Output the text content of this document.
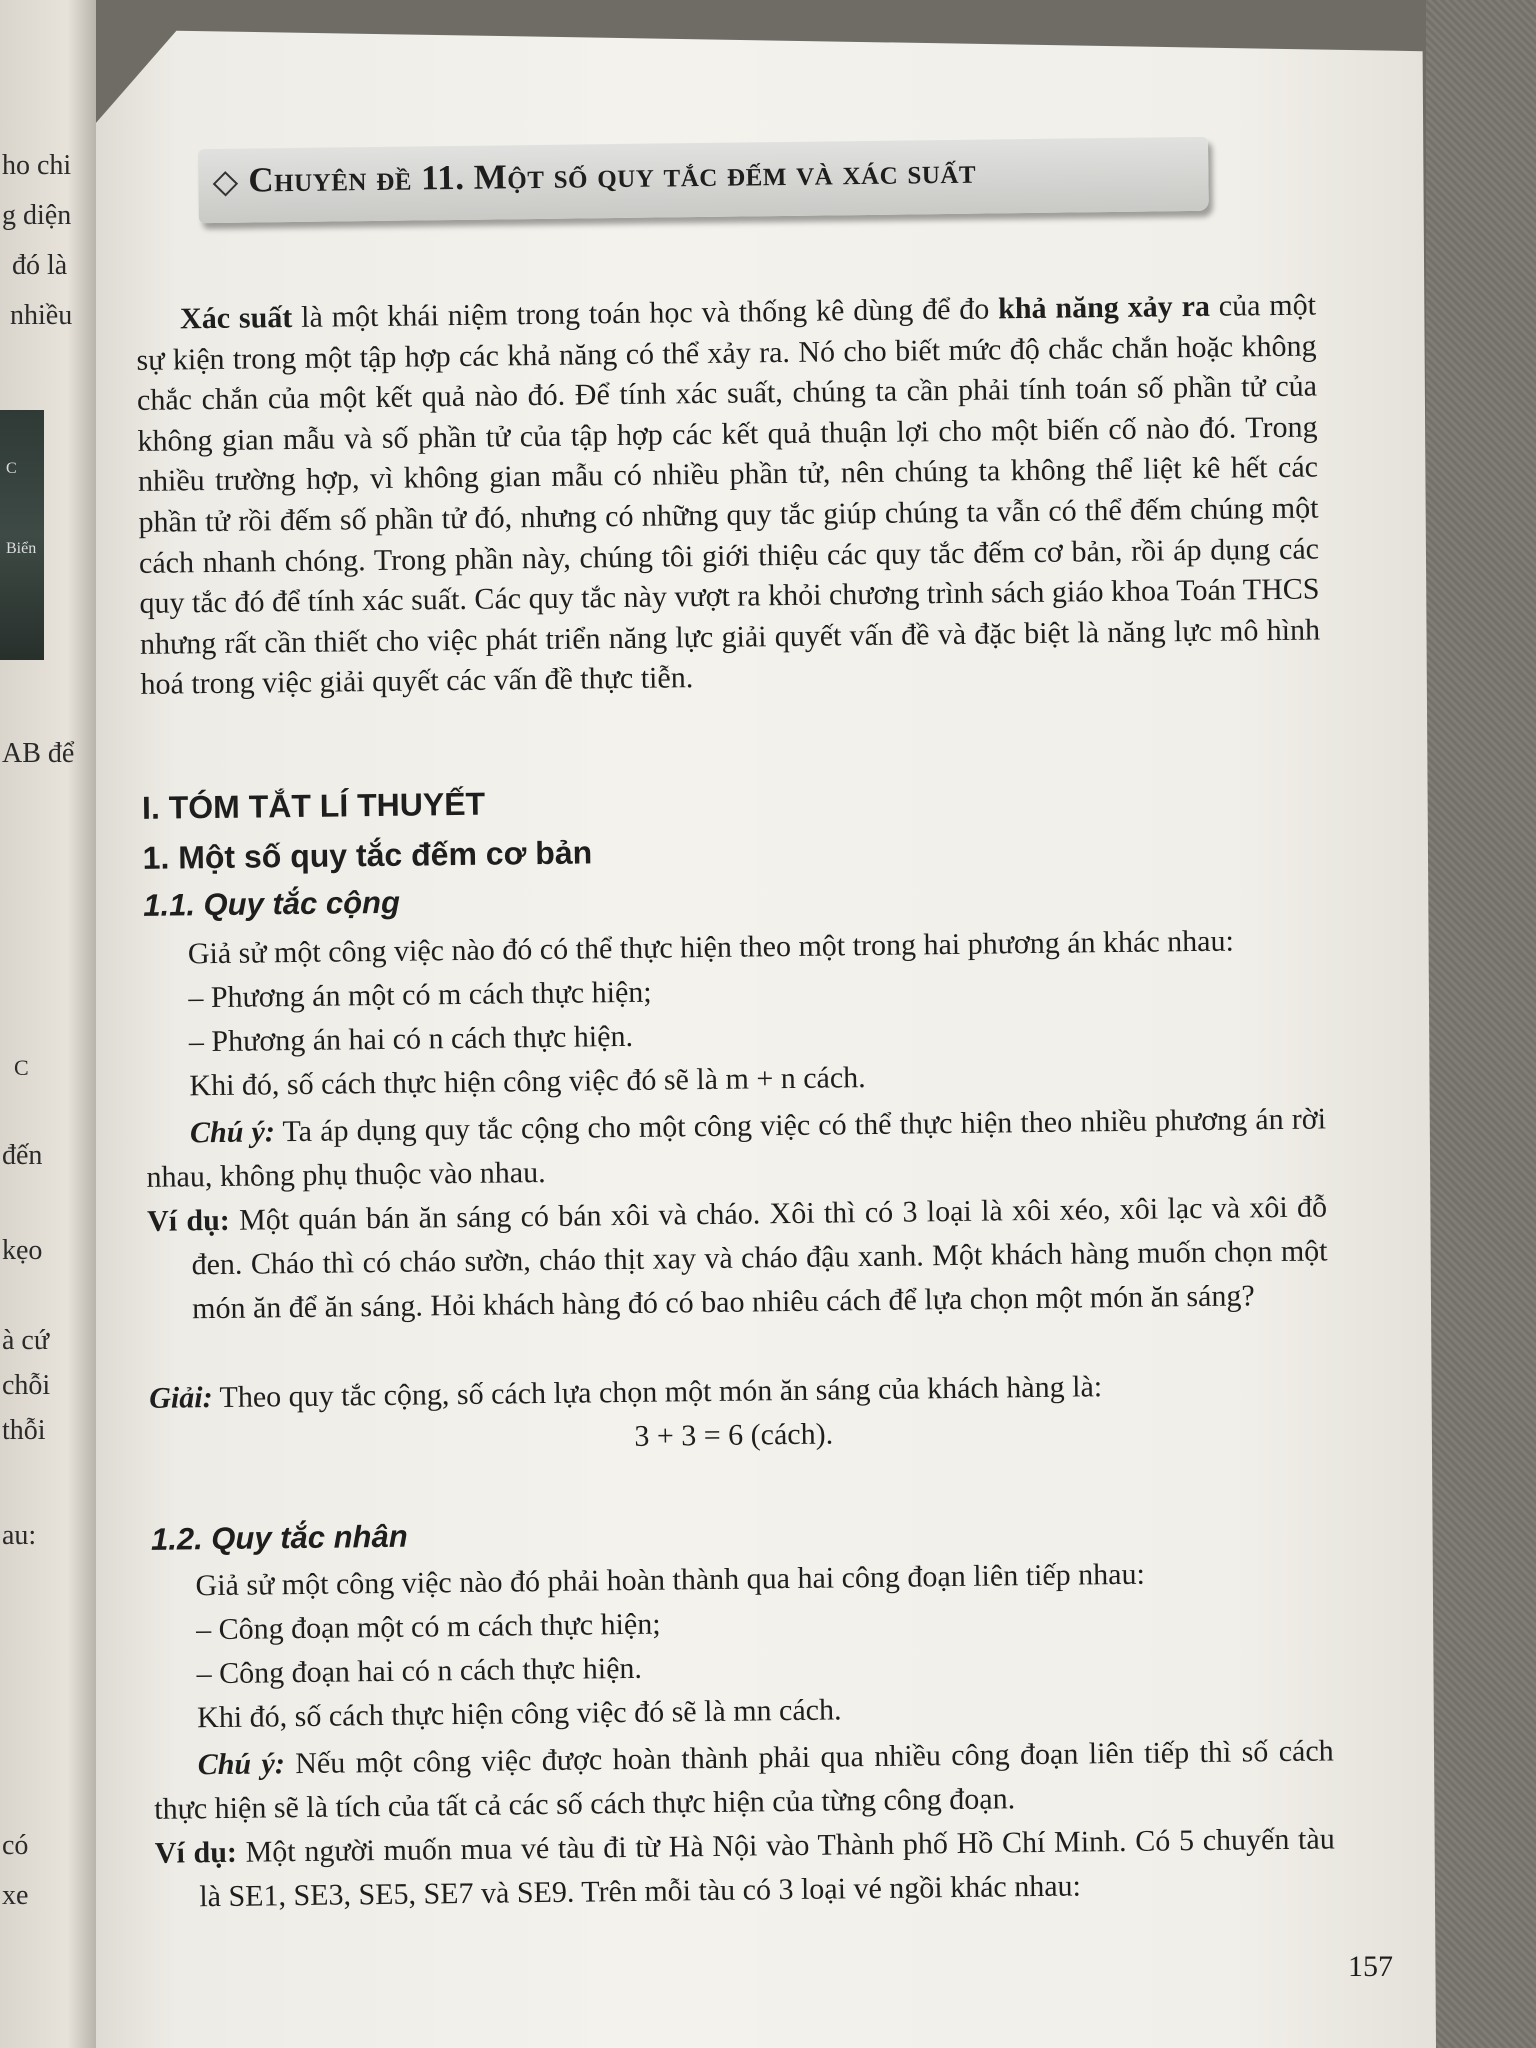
ho chi
g diện
đó là
nhiều
C
Biển
AB để
C
đến
kẹo
à cứ
chỗi
thỗi
au:
có
xe
Chuyên đề 11. Một số quy tắc đếm và xác suất

Xác suất là một khái niệm trong toán học và thống kê dùng để đo khả năng xảy ra của một sự kiện trong một tập hợp các khả năng có thể xảy ra. Nó cho biết mức độ chắc chắn hoặc không chắc chắn của một kết quả nào đó. Để tính xác suất, chúng ta cần phải tính toán số phần tử của không gian mẫu và số phần tử của tập hợp các kết quả thuận lợi cho một biến cố nào đó. Trong nhiều trường hợp, vì không gian mẫu có nhiều phần tử, nên chúng ta không thể liệt kê hết các phần tử rồi đếm số phần tử đó, nhưng có những quy tắc giúp chúng ta vẫn có thể đếm chúng một cách nhanh chóng. Trong phần này, chúng tôi giới thiệu các quy tắc đếm cơ bản, rồi áp dụng các quy tắc đó để tính xác suất. Các quy tắc này vượt ra khỏi chương trình sách giáo khoa Toán THCS nhưng rất cần thiết cho việc phát triển năng lực giải quyết vấn đề và đặc biệt là năng lực mô hình hoá trong việc giải quyết các vấn đề thực tiễn.

I. TÓM TẮT LÍ THUYẾT
1. Một số quy tắc đếm cơ bản
1.1. Quy tắc cộng
Giả sử một công việc nào đó có thể thực hiện theo một trong hai phương án khác nhau:
– Phương án một có m cách thực hiện;
– Phương án hai có n cách thực hiện.
Khi đó, số cách thực hiện công việc đó sẽ là m + n cách.

Chú ý: Ta áp dụng quy tắc cộng cho một công việc có thể thực hiện theo nhiều phương án rời nhau, không phụ thuộc vào nhau.

Ví dụ: Một quán bán ăn sáng có bán xôi và cháo. Xôi thì có 3 loại là xôi xéo, xôi lạc và xôi đỗ đen. Cháo thì có cháo sườn, cháo thịt xay và cháo đậu xanh. Một khách hàng muốn chọn một món ăn để ăn sáng. Hỏi khách hàng đó có bao nhiêu cách để lựa chọn một món ăn sáng?

Giải: Theo quy tắc cộng, số cách lựa chọn một món ăn sáng của khách hàng là:
3 + 3 = 6 (cách).
1.2. Quy tắc nhân
Giả sử một công việc nào đó phải hoàn thành qua hai công đoạn liên tiếp nhau:
– Công đoạn một có m cách thực hiện;
– Công đoạn hai có n cách thực hiện.
Khi đó, số cách thực hiện công việc đó sẽ là mn cách.

Chú ý: Nếu một công việc được hoàn thành phải qua nhiều công đoạn liên tiếp thì số cách thực hiện sẽ là tích của tất cả các số cách thực hiện của từng công đoạn.

Ví dụ: Một người muốn mua vé tàu đi từ Hà Nội vào Thành phố Hồ Chí Minh. Có 5 chuyến tàu là SE1, SE3, SE5, SE7 và SE9. Trên mỗi tàu có 3 loại vé ngồi khác nhau:

157
